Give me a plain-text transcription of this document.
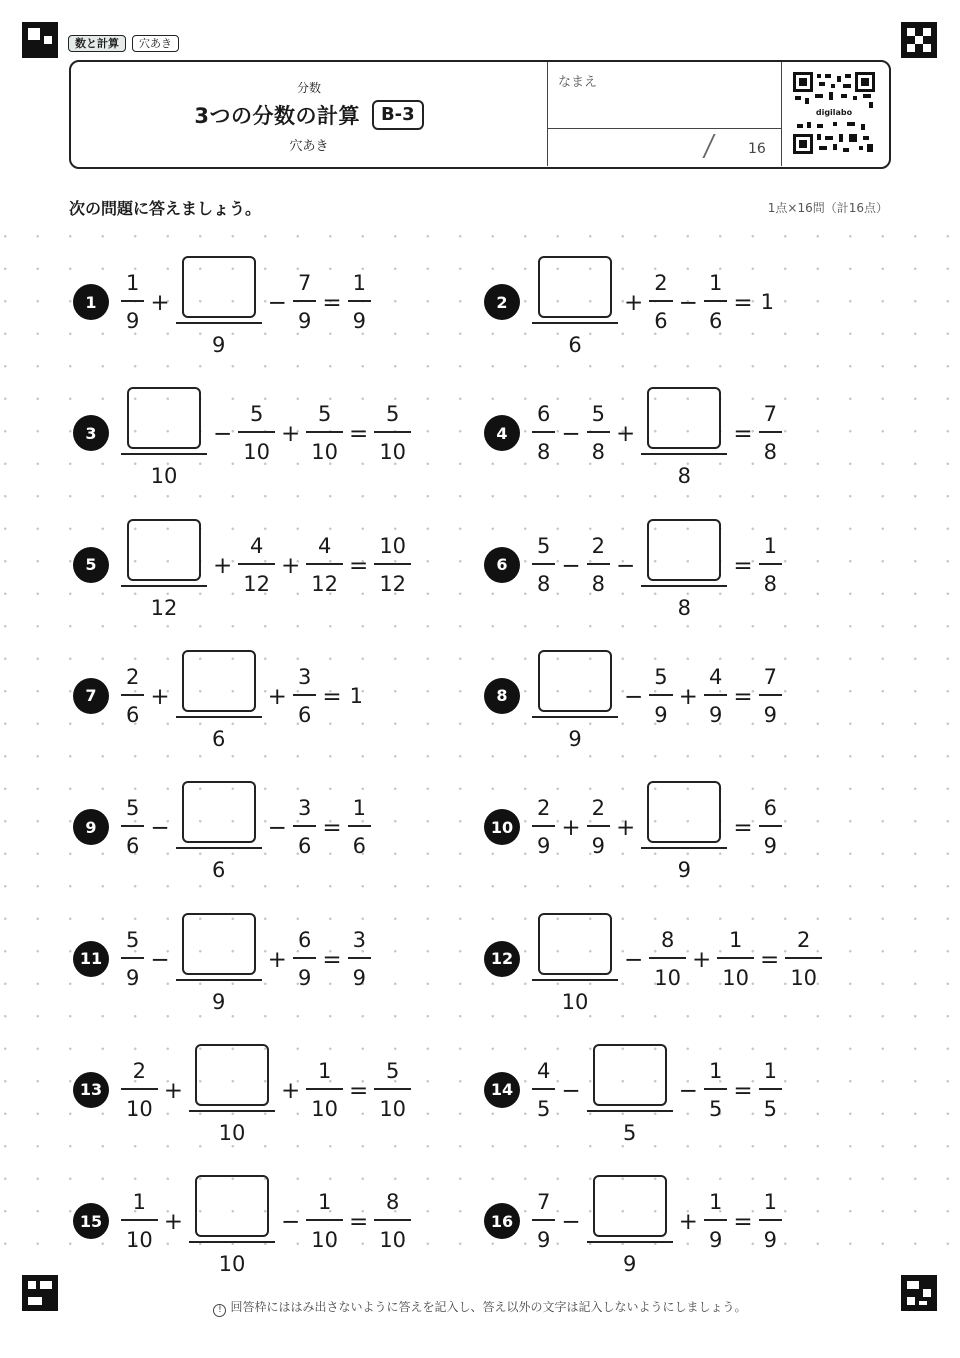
数と計算	穴あき
分数
3つの分数の計算	B-3
穴あき
なまえ
16
digilabo
次の問題に答えましょう。	1点×16問（計16点）
1	$\frac{1}{9}$ +
9
− $\frac{7}{9} = \frac{1}{9}$	2
6
+ $\frac{2}{6} - \frac{1}{6} = 1$
3
10
− $\frac{5}{10} + \frac{5}{10} = \frac{5}{10}$	4	$\frac{6}{8} - \frac{5}{8}$ +
8
= $\frac{7}{8}$
5
12
+ $\frac{4}{12} + \frac{4}{12} = \frac{10}{12}$	6	$\frac{5}{8} - \frac{2}{8}$ −
8
= $\frac{1}{8}$
7	$\frac{2}{6}$ +
6
+ $\frac{3}{6} = 1$	8
9
− $\frac{5}{9} + \frac{4}{9} = \frac{7}{9}$
9	$\frac{5}{6}$ −
6
− $\frac{3}{6} = \frac{1}{6}$	$10 \frac{2}{9} + \frac{2}{9}$ +
9
= $\frac{6}{9}$
$11 \frac{5}{9}$ −
9
+ $\frac{6}{9} = \frac{3}{9}$	12
10
− $\frac{8}{10} + \frac{1}{10} = \frac{2}{10}$
$13 \frac{2}{10}$ +
10
+ $\frac{1}{10} = \frac{5}{10}$	$14 \frac{4}{5}$ −
5
− $\frac{1}{5} = \frac{1}{5}$
$15 \frac{1}{10}$ +
10
− $\frac{1}{10} = \frac{8}{10}$	$16 \frac{7}{9}$ −
9
+ $\frac{1}{9} = \frac{1}{9}$
! 回答枠にははみ出さないように答えを記入し、答え以外の文字は記入しないようにしましょう。
